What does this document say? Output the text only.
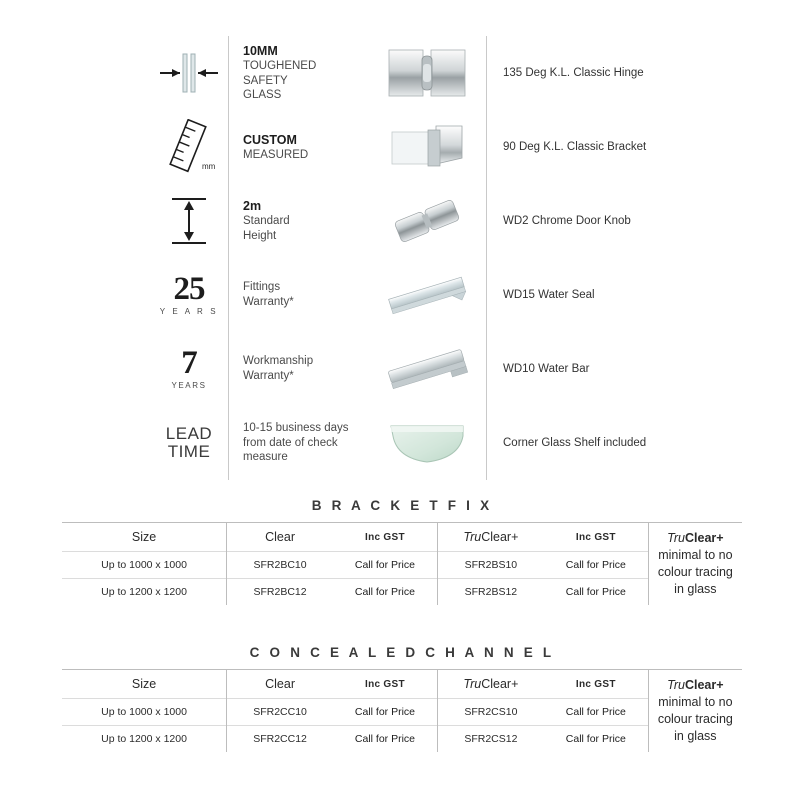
10MM
TOUGHENED
SAFETY
GLASS
135 Deg K.L. Classic Hinge
mm
CUSTOM
MEASURED
90 Deg K.L. Classic Bracket
2m
Standard
Height
WD2 Chrome Door Knob
25
Y E A R S
Fittings
Warranty*
WD15 Water Seal
7
YEARS
Workmanship
Warranty*
WD10 Water Bar
LEAD
TIME
10-15 business days
from date of check
measure
Corner Glass Shelf included
B R A C K E T F I X
Size	Clear	Inc GST	TruClear+	Inc GST	TruClear+
minimal to no colour tracing in glass
Up to 1000 x 1000	SFR2BC10	Call for Price	SFR2BS10	Call for Price	
Up to 1200 x 1200	SFR2BC12	Call for Price	SFR2BS12	Call for Price	
C O N C E A L E D C H A N N E L
Size	Clear	Inc GST	TruClear+	Inc GST	TruClear+
minimal to no colour tracing in glass
Up to 1000 x 1000	SFR2CC10	Call for Price	SFR2CS10	Call for Price	
Up to 1200 x 1200	SFR2CC12	Call for Price	SFR2CS12	Call for Price	
